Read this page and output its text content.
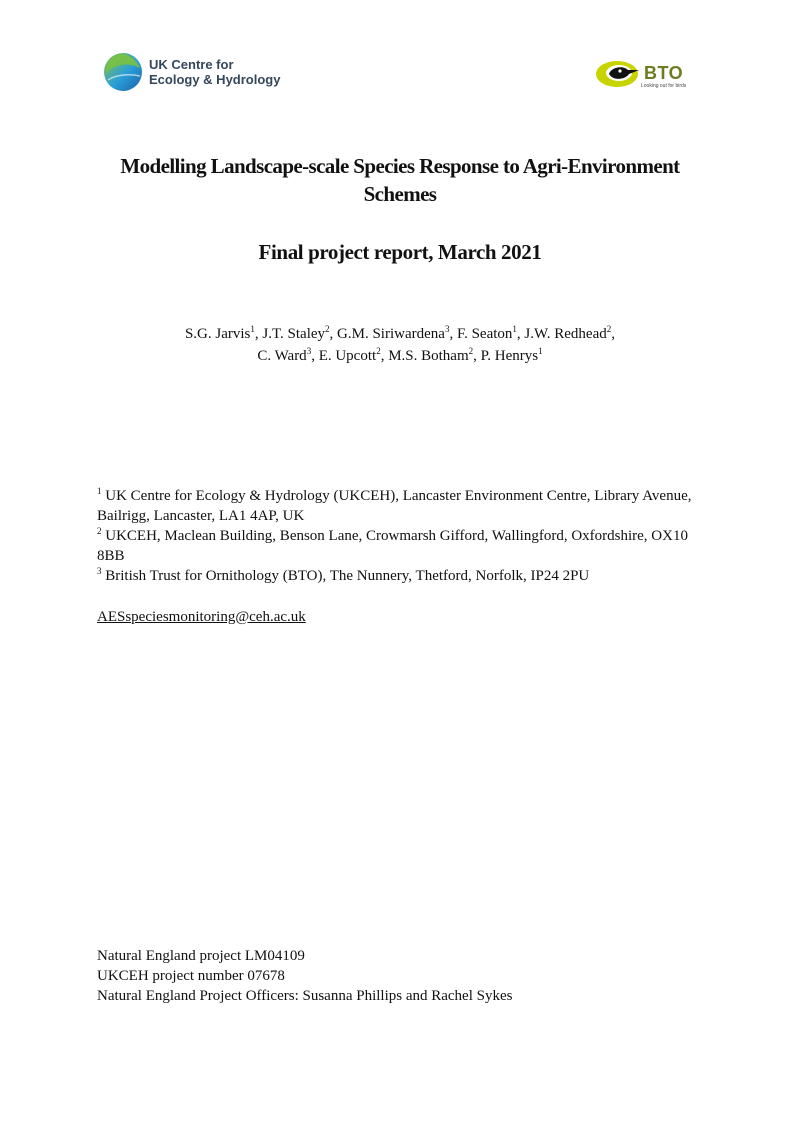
UK Centre for
Ecology & Hydrology	BTO
Looking out for birds
Modelling Landscape-scale Species Response to Agri-Environment Schemes
Final project report, March 2021
S.G. Jarvis$^1$, J.T. Staley$^2$, G.M. Siriwardena$^3$, F. Seaton$^1$, J.W. Redhead$^2$,
C. Ward$^3$, E. Upcott$^2$, M.S. Botham$^2$, P. Henrys$^1$
$^1$ UK Centre for Ecology & Hydrology (UKCEH), Lancaster Environment Centre, Library Avenue, Bailrigg, Lancaster, LA1 4AP, UK
$^2$ UKCEH, Maclean Building, Benson Lane, Crowmarsh Gifford, Wallingford, Oxfordshire, OX10 8BB
$^3$ British Trust for Ornithology (BTO), The Nunnery, Thetford, Norfolk, IP24 2PU
AESspeciesmonitoring@ceh.ac.uk
Natural England project LM04109
UKCEH project number 07678
Natural England Project Officers: Susanna Phillips and Rachel Sykes
